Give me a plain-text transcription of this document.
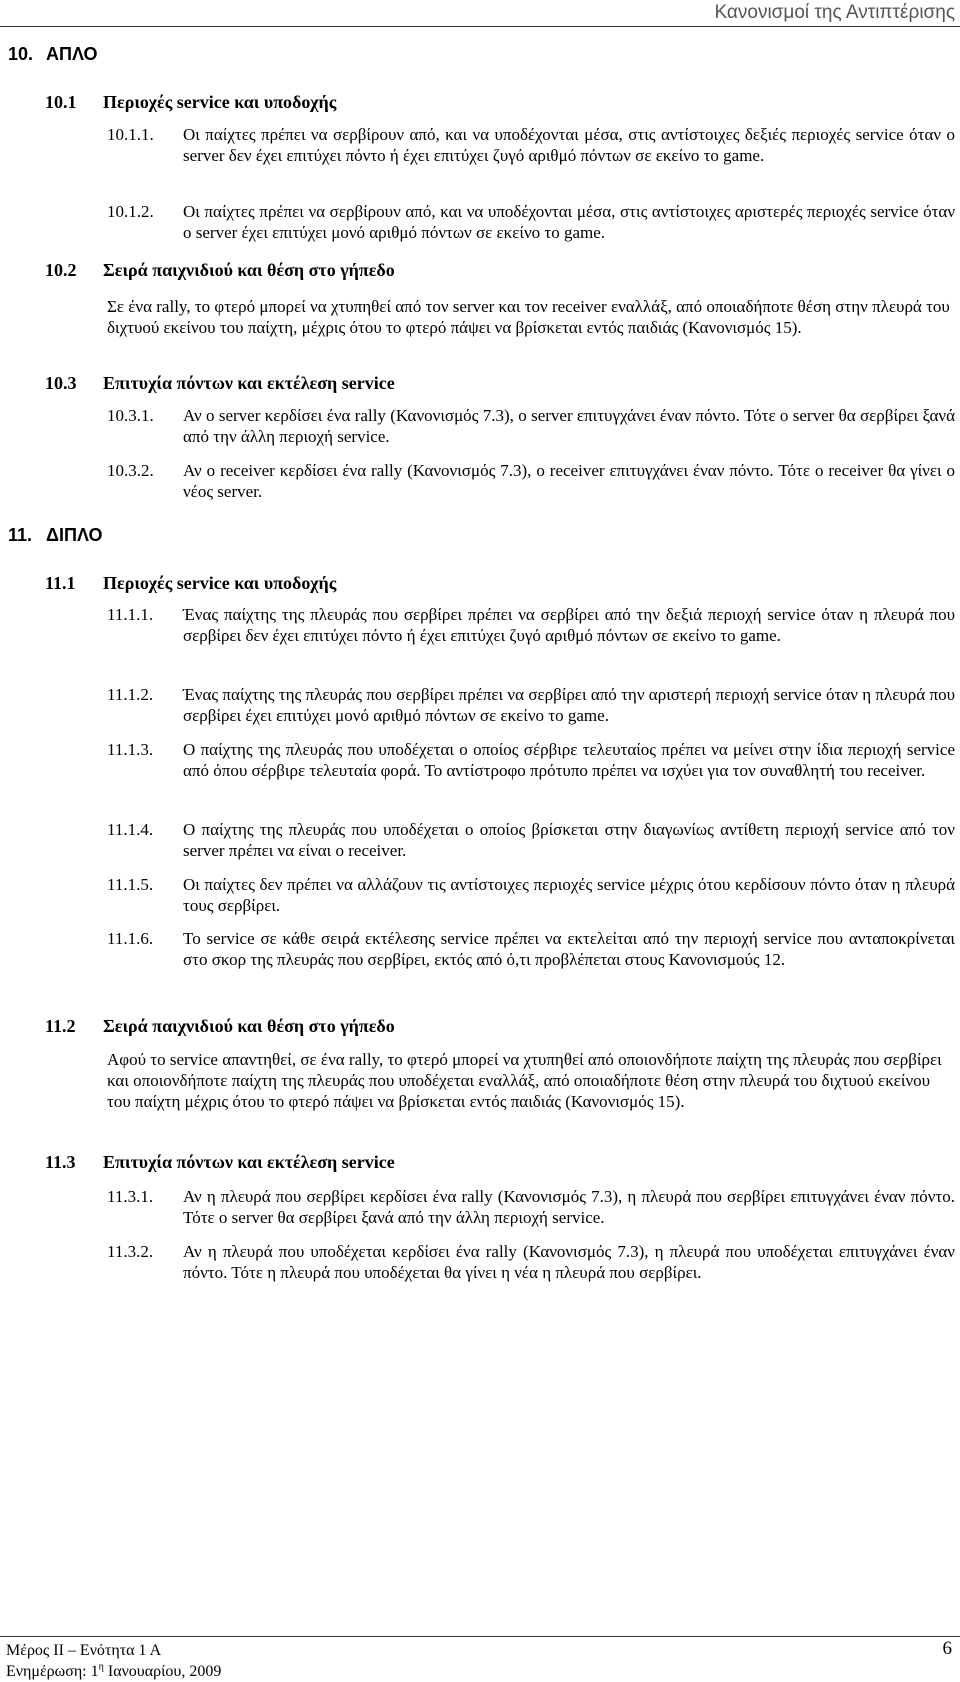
Κανονισμοί της Αντιπτέρισης
10. ΑΠΛΟ
10.1 Περιοχές service και υποδοχής
10.1.1. Οι παίχτες πρέπει να σερβίρουν από, και να υποδέχονται μέσα, στις αντίστοιχες δεξιές περιοχές service όταν ο server δεν έχει επιτύχει πόντο ή έχει επιτύχει ζυγό αριθμό πόντων σε εκείνο το game.
10.1.2. Οι παίχτες πρέπει να σερβίρουν από, και να υποδέχονται μέσα, στις αντίστοιχες αριστερές περιοχές service όταν ο server έχει επιτύχει μονό αριθμό πόντων σε εκείνο το game.
10.2 Σειρά παιχνιδιού και θέση στο γήπεδο
Σε ένα rally, το φτερό μπορεί να χτυπηθεί από τον server και τον receiver εναλλάξ, από οποιαδήποτε θέση στην πλευρά του διχτυού εκείνου του παίχτη, μέχρις ότου το φτερό πάψει να βρίσκεται εντός παιδιάς (Κανονισμός 15).
10.3 Επιτυχία πόντων και εκτέλεση service
10.3.1. Αν ο server κερδίσει ένα rally (Κανονισμός 7.3), ο server επιτυγχάνει έναν πόντο. Τότε ο server θα σερβίρει ξανά από την άλλη περιοχή service.
10.3.2. Αν ο receiver κερδίσει ένα rally (Κανονισμός 7.3), ο receiver επιτυγχάνει έναν πόντο. Τότε ο receiver θα γίνει ο νέος server.
11. ΔΙΠΛΟ
11.1 Περιοχές service και υποδοχής
11.1.1. Ένας παίχτης της πλευράς που σερβίρει πρέπει να σερβίρει από την δεξιά περιοχή service όταν η πλευρά που σερβίρει δεν έχει επιτύχει πόντο ή έχει επιτύχει ζυγό αριθμό πόντων σε εκείνο το game.
11.1.2. Ένας παίχτης της πλευράς που σερβίρει πρέπει να σερβίρει από την αριστερή περιοχή service όταν η πλευρά που σερβίρει έχει επιτύχει μονό αριθμό πόντων σε εκείνο το game.
11.1.3. Ο παίχτης της πλευράς που υποδέχεται ο οποίος σέρβιρε τελευταίος πρέπει να μείνει στην ίδια περιοχή service από όπου σέρβιρε τελευταία φορά. Το αντίστροφο πρότυπο πρέπει να ισχύει για τον συναθλητή του receiver.
11.1.4. Ο παίχτης της πλευράς που υποδέχεται ο οποίος βρίσκεται στην διαγωνίως αντίθετη περιοχή service από τον server πρέπει να είναι ο receiver.
11.1.5. Οι παίχτες δεν πρέπει να αλλάζουν τις αντίστοιχες περιοχές service μέχρις ότου κερδίσουν πόντο όταν η πλευρά τους σερβίρει.
11.1.6. Το service σε κάθε σειρά εκτέλεσης service πρέπει να εκτελείται από την περιοχή service που ανταποκρίνεται στο σκορ της πλευράς που σερβίρει, εκτός από ό,τι προβλέπεται στους Κανονισμούς 12.
11.2 Σειρά παιχνιδιού και θέση στο γήπεδο
Αφού το service απαντηθεί, σε ένα rally, το φτερό μπορεί να χτυπηθεί από οποιονδήποτε παίχτη της πλευράς που σερβίρει και οποιονδήποτε παίχτη της πλευράς που υποδέχεται εναλλάξ, από οποιαδήποτε θέση στην πλευρά του διχτυού εκείνου του παίχτη μέχρις ότου το φτερό πάψει να βρίσκεται εντός παιδιάς (Κανονισμός 15).
11.3 Επιτυχία πόντων και εκτέλεση service
11.3.1. Αν η πλευρά που σερβίρει κερδίσει ένα rally (Κανονισμός 7.3), η πλευρά που σερβίρει επιτυγχάνει έναν πόντο. Τότε ο server θα σερβίρει ξανά από την άλλη περιοχή service.
11.3.2. Αν η πλευρά που υποδέχεται κερδίσει ένα rally (Κανονισμός 7.3), η πλευρά που υποδέχεται επιτυγχάνει έναν πόντο. Τότε η πλευρά που υποδέχεται θα γίνει η νέα η πλευρά που σερβίρει.
Μέρος ΙΙ – Ενότητα 1 Α
Ενημέρωση: $1^\eta$ Ιανουαρίου, 2009
6
